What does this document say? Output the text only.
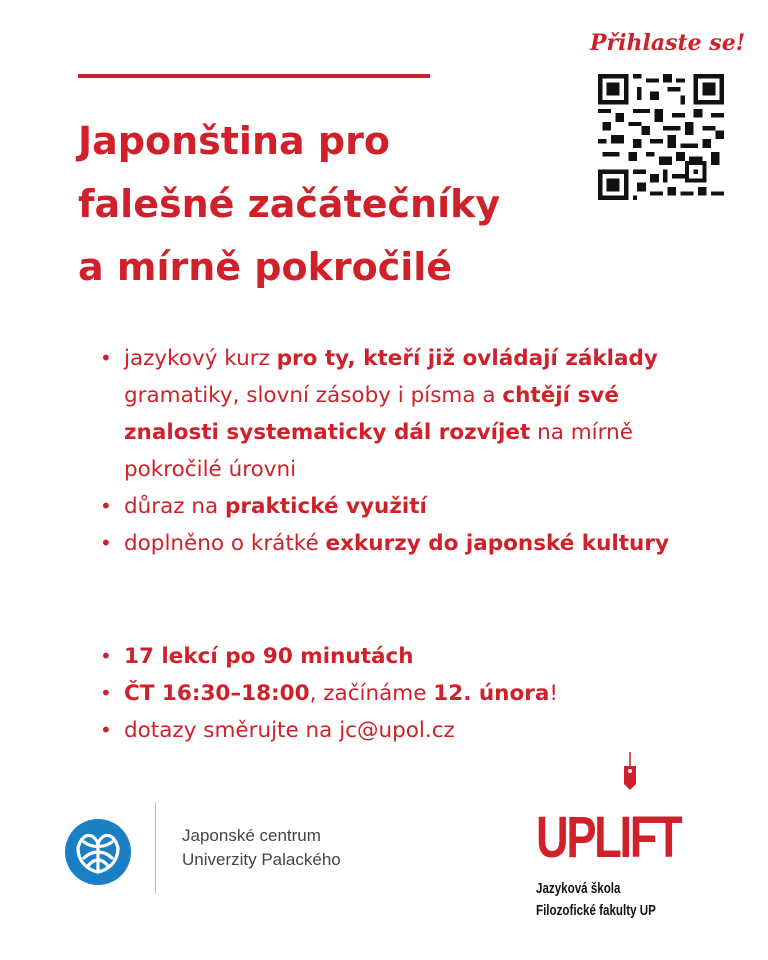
Japonština pro
falešné začátečníky
a mírně pokročilé
Přihlaste se!
• jazykový kurz pro ty, kteří již ovládají základy gramatiky, slovní zásoby i písma a chtějí své znalosti systematicky dál rozvíjet na mírně pokročilé úrovni
• důraz na praktické využití
• doplněno o krátké exkurzy do japonské kultury
• 17 lekcí po 90 minutách
• ČT 16:30–18:00, začínáme 12. února!
• dotazy směrujte na jc@upol.cz
Japonské centrum
Univerzity Palackého	UPLIFT
Jazyková škola
Filozofické fakulty UP
